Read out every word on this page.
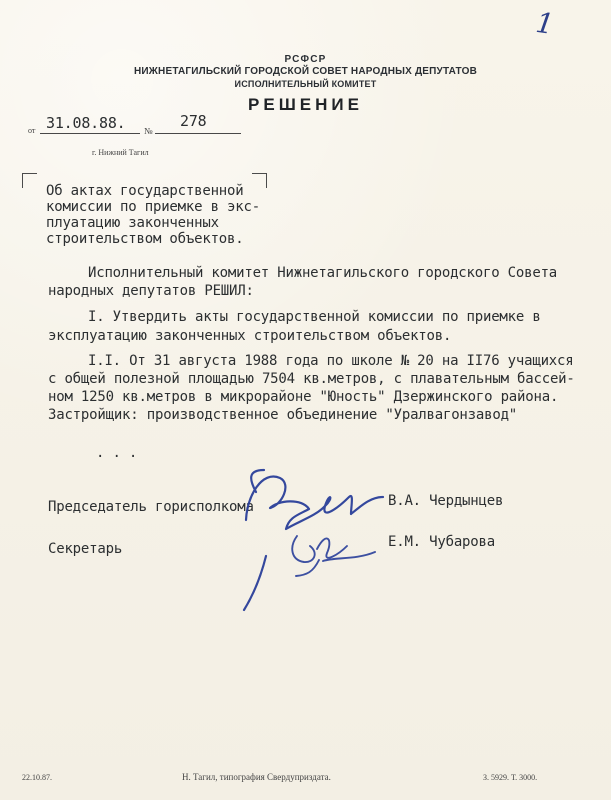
1
РСФСР
НИЖНЕТАГИЛЬСКИЙ ГОРОДСКОЙ СОВЕТ НАРОДНЫХ ДЕПУТАТОВ
ИСПОЛНИТЕЛЬНЫЙ КОМИТЕТ
РЕШЕНИЕ
от 31.08.88. №
278
г. Нижний Тагил
Об актах государственной
комиссии по приемке в экс-
плуатацию законченных
строительством объектов.
Исполнительный комитет Нижнетагильского городского Совета
народных депутатов РЕШИЛ:
I. Утвердить акты государственной комиссии по приемке в
эксплуатацию законченных строительством объектов.
I.I. От 31 августа 1988 года по школе № 20 на II76 учащихся
с общей полезной площадью 7504 кв.метров, с плавательным бассей-
ном 1250 кв.метров в микрорайоне "Юность" Дзержинского района.
Застройщик: производственное объединение "Уралвагонзавод"
. . .
Председатель горисполкома	В.А. Чердынцев
Секретарь	Е.М. Чубарова
22.10.87.	Н. Тагил, типография Свердуприздата.	З. 5929. Т. 3000.
